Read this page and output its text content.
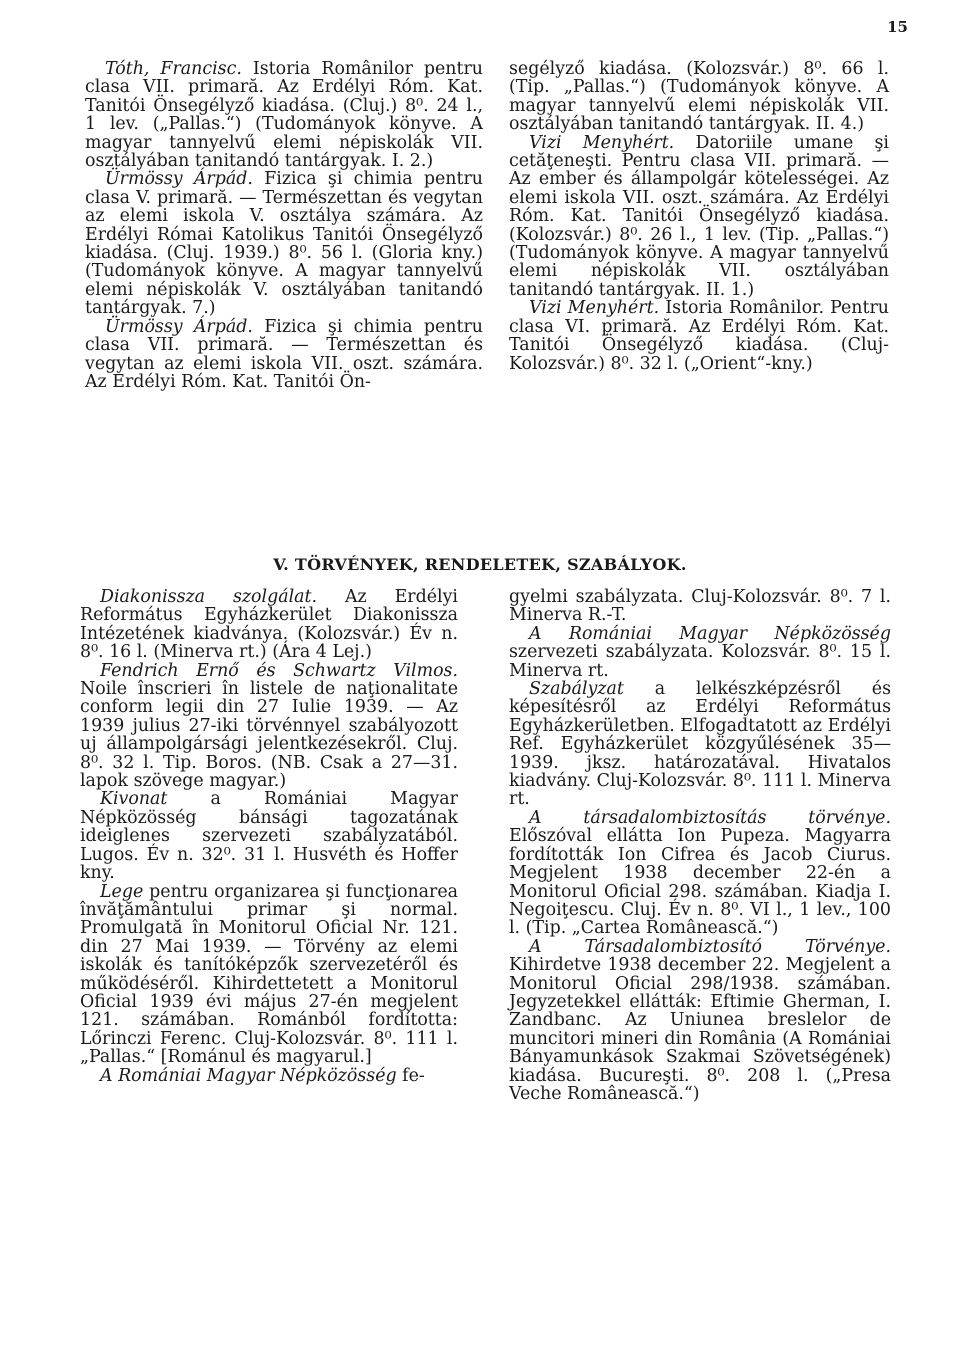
15

Tóth, Francisc. Istoria Românilor pentru clasa VII. primară. Az Erdélyi Róm. Kat. Tanitói Önsegélyző kiadása. (Cluj.) 8⁰. 24 l., 1 lev. („Pallas.“) (Tudományok könyve. A magyar tannyelvű elemi népiskolák VII. osztályában tanitandó tantárgyak. I. 2.)

Ürmössy Árpád. Fizica şi chimia pentru clasa V. primară. — Természettan és vegytan az elemi iskola V. osztálya számára. Az Erdélyi Római Katolikus Tanitói Önsegélyző kiadása. (Cluj. 1939.) 8⁰. 56 l. (Gloria kny.) (Tudományok könyve. A magyar tannyelvű elemi népiskolák V. osztályában tanitandó tantárgyak. 7.)

Ürmössy Árpád. Fizica şi chimia pentru clasa VII. primară. — Természettan és vegytan az elemi iskola VII. oszt. számára. Az Erdélyi Róm. Kat. Tanitói Ön-

segélyző kiadása. (Kolozsvár.) 8⁰. 66 l. (Tip. „Pallas.“) (Tudományok könyve. A magyar tannyelvű elemi népiskolák VII. osztályában tanitandó tantárgyak. II. 4.)

Vizi Menyhért. Datoriile umane şi cetăţeneşti. Pentru clasa VII. primară. — Az ember és állampolgár kötelességei. Az elemi iskola VII. oszt. számára. Az Erdélyi Róm. Kat. Tanitói Önsegélyző kiadása. (Kolozsvár.) 8⁰. 26 l., 1 lev. (Tip. „Pallas.“) (Tudományok könyve. A magyar tannyelvű elemi népiskolák VII. osztályában tanitandó tantárgyak. II. 1.)

Vizi Menyhért. Istoria Românilor. Pentru clasa VI. primară. Az Erdélyi Róm. Kat. Tanitói Önsegélyző kiadása. (Cluj-Kolozsvár.) 8⁰. 32 l. („Orient“-kny.)

V. TÖRVÉNYEK, RENDELETEK, SZABÁLYOK.

Diakonissza szolgálat. Az Erdélyi Református Egyházkerület Diakonissza Intézetének kiadványa. (Kolozsvár.) Év n. 8⁰. 16 l. (Minerva rt.) (Ára 4 Lej.)

Fendrich Ernő és Schwartz Vilmos. Noile înscrieri în listele de naţionalitate conform legii din 27 Iulie 1939. — Az 1939 julius 27-iki törvénnyel szabályozott uj állampolgársági jelentkezésekről. Cluj. 8⁰. 32 l. Tip. Boros. (NB. Csak a 27—31. lapok szövege magyar.)

Kivonat a Romániai Magyar Népközösség bánsági tagozatának ideiglenes szervezeti szabályzatából. Lugos. Év n. 32⁰. 31 l. Husvéth és Hoffer kny.

Lege pentru organizarea şi funcţionarea învăţământului primar şi normal. Promulgată în Monitorul Oficial Nr. 121. din 27 Mai 1939. — Törvény az elemi iskolák és tanítóképzők szervezetéről és működéséről. Kihirdettetett a Monitorul Oficial 1939 évi május 27-én megjelent 121. számában. Románból fordította: Lőrinczi Ferenc. Cluj-Kolozsvár. 8⁰. 111 l. „Pallas.“ [Románul és magyarul.]

A Romániai Magyar Népközösség fe-

gyelmi szabályzata. Cluj-Kolozsvár. 8⁰. 7 l. Minerva R.-T.

A Romániai Magyar Népközösség szervezeti szabályzata. Kolozsvár. 8⁰. 15 l. Minerva rt.

Szabályzat a lelkészképzésről és képesítésről az Erdélyi Református Egyházkerületben. Elfogadtatott az Erdélyi Ref. Egyházkerület közgyűlésének 35—1939. jksz. határozatával. Hivatalos kiadvány. Cluj-Kolozsvár. 8⁰. 111 l. Minerva rt.

A társadalombiztosítás törvénye. Előszóval ellátta Ion Pupeza. Magyarra fordították Ion Cifrea és Jacob Ciurus. Megjelent 1938 december 22-én a Monitorul Oficial 298. számában. Kiadja I. Negoiţescu. Cluj. Év n. 8⁰. VI l., 1 lev., 100 l. (Tip. „Cartea Românească.“)

A Társadalombiztosító Törvénye. Kihirdetve 1938 december 22. Megjelent a Monitorul Oficial 298/1938. számában. Jegyzetekkel ellátták: Eftimie Gherman, I. Zandbanc. Az Uniunea breslelor de muncitori mineri din România (A Romániai Bányamunkások Szakmai Szövetségének) kiadása. Bucureşti. 8⁰. 208 l. („Presa Veche Românească.“)
